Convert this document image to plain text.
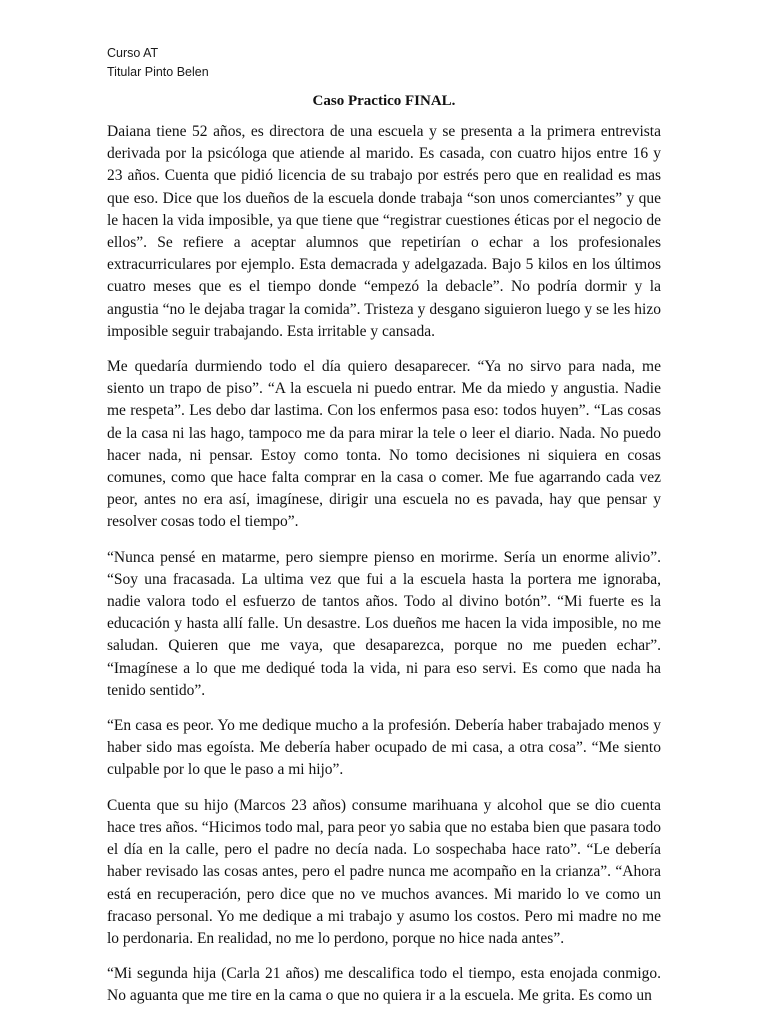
Curso AT
Titular Pinto Belen
Caso Practico FINAL.

Daiana tiene 52 años, es directora de una escuela y se presenta a la primera entrevista derivada por la psicóloga que atiende al marido. Es casada, con cuatro hijos entre 16 y 23 años. Cuenta que pidió licencia de su trabajo por estrés pero que en realidad es mas que eso. Dice que los dueños de la escuela donde trabaja “son unos comerciantes” y que le hacen la vida imposible, ya que tiene que “registrar cuestiones éticas por el negocio de ellos”. Se refiere a aceptar alumnos que repetirían o echar a los profesionales extracurriculares por ejemplo. Esta demacrada y adelgazada. Bajo 5 kilos en los últimos cuatro meses que es el tiempo donde “empezó la debacle”. No podría dormir y la angustia “no le dejaba tragar la comida”. Tristeza y desgano siguieron luego y se les hizo imposible seguir trabajando. Esta irritable y cansada.

Me quedaría durmiendo todo el día quiero desaparecer. “Ya no sirvo para nada, me siento un trapo de piso”. “A la escuela ni puedo entrar. Me da miedo y angustia. Nadie me respeta”. Les debo dar lastima. Con los enfermos pasa eso: todos huyen”. “Las cosas de la casa ni las hago, tampoco me da para mirar la tele o leer el diario. Nada. No puedo hacer nada, ni pensar. Estoy como tonta. No tomo decisiones ni siquiera en cosas comunes, como que hace falta comprar en la casa o comer. Me fue agarrando cada vez peor, antes no era así, imagínese, dirigir una escuela no es pavada, hay que pensar y resolver cosas todo el tiempo”.

“Nunca pensé en matarme, pero siempre pienso en morirme. Sería un enorme alivio”. “Soy una fracasada. La ultima vez que fui a la escuela hasta la portera me ignoraba, nadie valora todo el esfuerzo de tantos años. Todo al divino botón”. “Mi fuerte es la educación y hasta allí falle. Un desastre. Los dueños me hacen la vida imposible, no me saludan. Quieren que me vaya, que desaparezca, porque no me pueden echar”. “Imagínese a lo que me dediqué toda la vida, ni para eso servi. Es como que nada ha tenido sentido”.

“En casa es peor. Yo me dedique mucho a la profesión. Debería haber trabajado menos y haber sido mas egoísta. Me debería haber ocupado de mi casa, a otra cosa”. “Me siento culpable por lo que le paso a mi hijo”.

Cuenta que su hijo (Marcos 23 años) consume marihuana y alcohol que se dio cuenta hace tres años. “Hicimos todo mal, para peor yo sabia que no estaba bien que pasara todo el día en la calle, pero el padre no decía nada. Lo sospechaba hace rato”. “Le debería haber revisado las cosas antes, pero el padre nunca me acompaño en la crianza”. “Ahora está en recuperación, pero dice que no ve muchos avances. Mi marido lo ve como un fracaso personal. Yo me dedique a mi trabajo y asumo los costos. Pero mi madre no me lo perdonaria. En realidad, no me lo perdono, porque no hice nada antes”.

“Mi segunda hija (Carla 21 años) me descalifica todo el tiempo, esta enojada conmigo. No aguanta que me tire en la cama o que no quiera ir a la escuela. Me grita. Es como un
